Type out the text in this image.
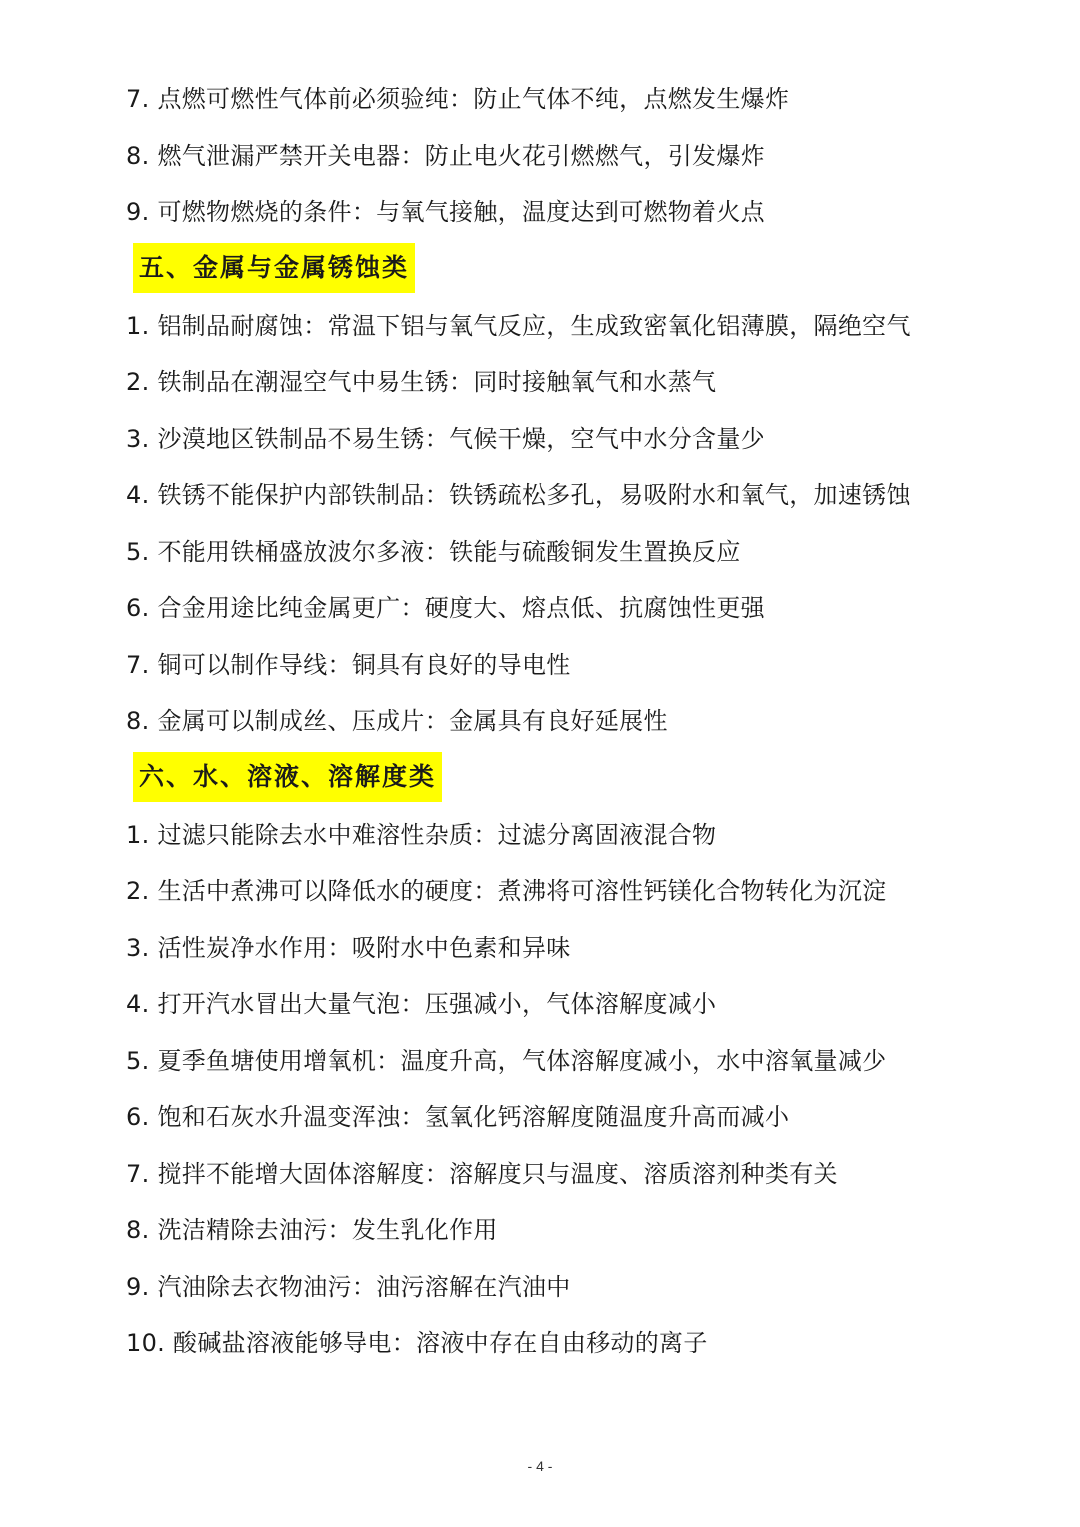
7. 点燃可燃性气体前必须验纯：防止气体不纯，点燃发生爆炸
8. 燃气泄漏严禁开关电器：防止电火花引燃燃气，引发爆炸
9. 可燃物燃烧的条件：与氧气接触，温度达到可燃物着火点
五、金属与金属锈蚀类
1. 铝制品耐腐蚀：常温下铝与氧气反应，生成致密氧化铝薄膜，隔绝空气
2. 铁制品在潮湿空气中易生锈：同时接触氧气和水蒸气
3. 沙漠地区铁制品不易生锈：气候干燥，空气中水分含量少
4. 铁锈不能保护内部铁制品：铁锈疏松多孔，易吸附水和氧气，加速锈蚀
5. 不能用铁桶盛放波尔多液：铁能与硫酸铜发生置换反应
6. 合金用途比纯金属更广：硬度大、熔点低、抗腐蚀性更强
7. 铜可以制作导线：铜具有良好的导电性
8. 金属可以制成丝、压成片：金属具有良好延展性
六、水、溶液、溶解度类
1. 过滤只能除去水中难溶性杂质：过滤分离固液混合物
2. 生活中煮沸可以降低水的硬度：煮沸将可溶性钙镁化合物转化为沉淀
3. 活性炭净水作用：吸附水中色素和异味
4. 打开汽水冒出大量气泡：压强减小，气体溶解度减小
5. 夏季鱼塘使用增氧机：温度升高，气体溶解度减小，水中溶氧量减少
6. 饱和石灰水升温变浑浊：氢氧化钙溶解度随温度升高而减小
7. 搅拌不能增大固体溶解度：溶解度只与温度、溶质溶剂种类有关
8. 洗洁精除去油污：发生乳化作用
9. 汽油除去衣物油污：油污溶解在汽油中
10. 酸碱盐溶液能够导电：溶液中存在自由移动的离子
- 4 -
